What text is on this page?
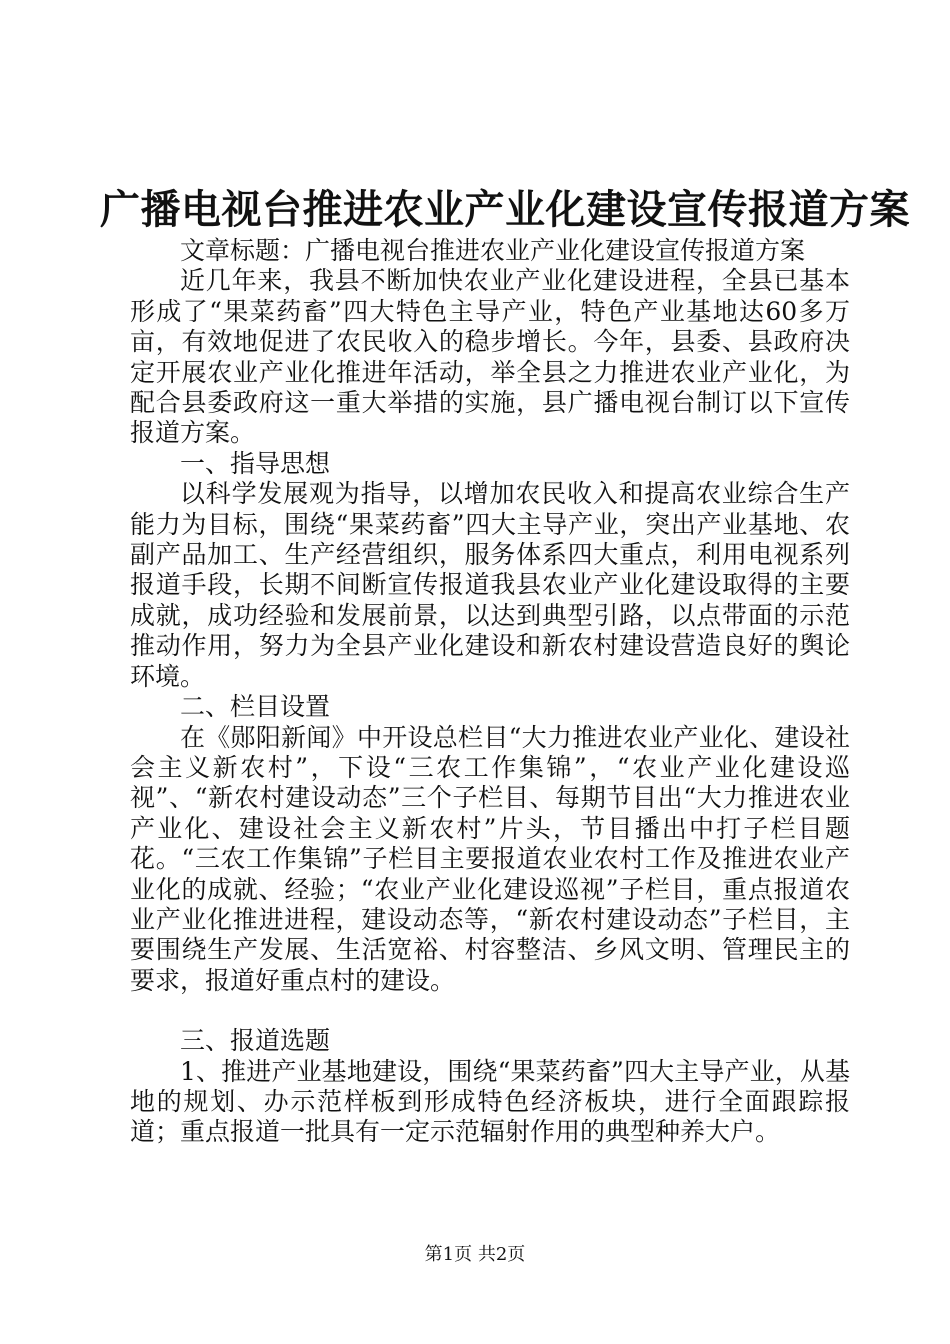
广播电视台推进农业产业化建设宣传报道方案

文章标题：广播电视台推进农业产业化建设宣传报道方案

近几年来，我县不断加快农业产业化建设进程，全县已基本形成了“果菜药畜”四大特色主导产业，特色产业基地达60多万亩，有效地促进了农民收入的稳步增长。今年，县委、县政府决定开展农业产业化推进年活动，举全县之力推进农业产业化，为配合县委政府这一重大举措的实施，县广播电视台制订以下宣传报道方案。

一、指导思想

以科学发展观为指导，以增加农民收入和提高农业综合生产能力为目标，围绕“果菜药畜”四大主导产业，突出产业基地、农副产品加工、生产经营组织，服务体系四大重点，利用电视系列报道手段，长期不间断宣传报道我县农业产业化建设取得的主要成就，成功经验和发展前景，以达到典型引路，以点带面的示范推动作用，努力为全县产业化建设和新农村建设营造良好的舆论环境。

二、栏目设置

在《郧阳新闻》中开设总栏目“大力推进农业产业化、建设社会主义新农村”，下设“三农工作集锦”，“农业产业化建设巡视”、“新农村建设动态”三个子栏目、每期节目出“大力推进农业产业化、建设社会主义新农村”片头，节目播出中打子栏目题花。“三农工作集锦”子栏目主要报道农业农村工作及推进农业产业化的成就、经验；“农业产业化建设巡视”子栏目，重点报道农业产业化推进进程，建设动态等，“新农村建设动态”子栏目，主要围绕生产发展、生活宽裕、村容整洁、乡风文明、管理民主的要求，报道好重点村的建设。

三、报道选题

1、推进产业基地建设，围绕“果菜药畜”四大主导产业，从基地的规划、办示范样板到形成特色经济板块，进行全面跟踪报道；重点报道一批具有一定示范辐射作用的典型种养大户。

第1页 共2页
